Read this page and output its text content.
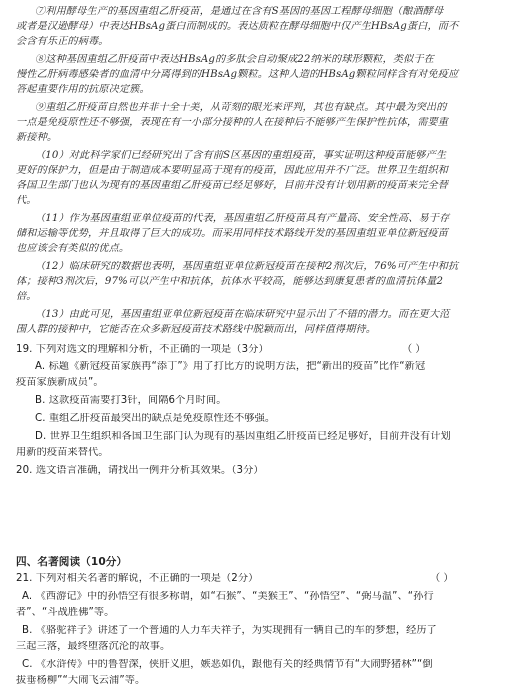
⑦利用酵母生产的基因重组乙肝疫苗，是通过在含有S基因的基因工程酵母细胞（酿酒酵母

或者是汉逊酵母）中表达HBsAg蛋白而制成的。表达质粒在酵母细胞中仅产生HBsAg蛋白，而不

会含有乐正的病毒。

⑧这种基因重组乙肝疫苗中表达HBsAg的多肽会自动聚成22纳米的球形颗粒，类似于在

慢性乙肝病毒感染者的血清中分离得到的HBsAg颗粒。这种人造的HBsAg颗粒同样含有对免疫应

答起重要作用的抗原决定簇。

⑨重组乙肝疫苗自然也并非十全十美，从苛刻的眼光来评判，其也有缺点。其中最为突出的

一点是免疫原性还不够强，表现在有一小部分接种的人在接种后不能够产生保护性抗体，需要重

新接种。

（10）对此科学家们已经研究出了含有前S区基因的重组疫苗，事实证明这种疫苗能够产生

更好的保护力，但是由于制造成本要明显高于现有的疫苗，因此应用并不广泛。世界卫生组织和

各国卫生部门也认为现有的基因重组乙肝疫苗已经足够好，目前并没有计划用新的疫苗来完全替

代。

（11）作为基因重组亚单位疫苗的代表，基因重组乙肝疫苗具有产量高、安全性高、易于存

储和运输等优势，并且取得了巨大的成功。而采用同样技术路线开发的基因重组亚单位新冠疫苗

也应该会有类似的优点。

（12）临床研究的数据也表明，基因重组亚单位新冠疫苗在接种2剂次后，76%可产生中和抗

体；接种3剂次后，97%可以产生中和抗体，抗体水平较高，能够达到康复患者的血清抗体量2

倍。

（13）由此可见，基因重组亚单位新冠疫苗在临床研究中显示出了不错的潜力。而在更大范

围人群的接种中，它能否在众多新冠疫苗技术路线中脱颖而出，同样值得期待。

19. 下列对选文的理解和分析，不正确的一项是（3分）	（ ）

A. 标题《新冠疫苗家族再“添丁”》用了打比方的说明方法，把“新出的疫苗”比作“新冠

疫苗家族新成员”。

B. 这款疫苗需要打3针，间隔6个月时间。

C. 重组乙肝疫苗最突出的缺点是免疫原性还不够强。

D. 世界卫生组织和各国卫生部门认为现有的基因重组乙肝疫苗已经足够好，目前并没有计划

用新的疫苗来替代。

20. 选文语言准确，请找出一例并分析其效果。（3分）

四、名著阅读（10分）

21. 下列对相关名著的解说，不正确的一项是（2分）	（ ）

A. 《西游记》中的孙悟空有很多称谓，如“石猴”、“美猴王”、“孙悟空”、“弼马温”、“孙行

者”、“斗战胜佛”等。

B. 《骆驼祥子》讲述了一个普通的人力车夫祥子，为实现拥有一辆自己的车的梦想，经历了

三起三落，最终堕落沉沦的故事。

C. 《水浒传》中的鲁智深，侠肝义胆，嫉恶如仇，跟他有关的经典情节有“大闹野猪林”“倒

拔垂杨柳”“大闹飞云浦”等。
